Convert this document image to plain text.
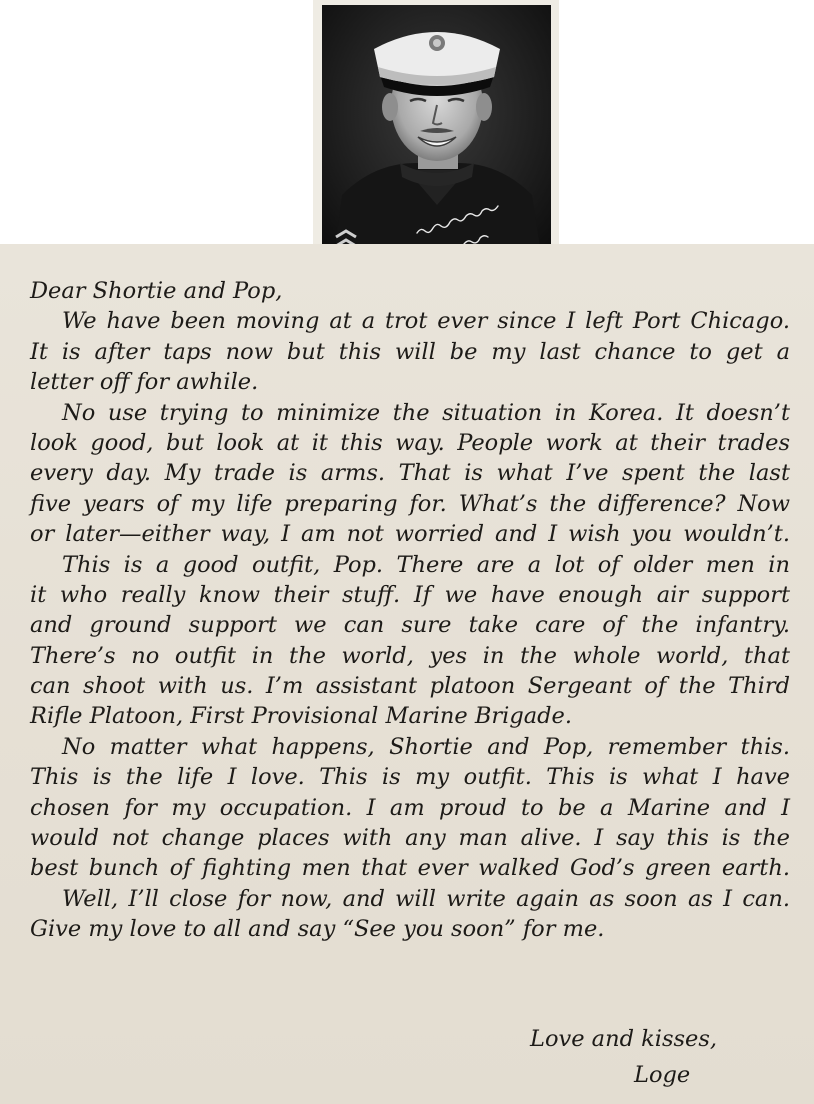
Dear Shortie and Pop,
We have been moving at a trot ever since I left Port Chicago.
It is after taps now but this will be my last chance to get a
letter off for awhile.
No use trying to minimize the situation in Korea. It doesn’t
look good, but look at it this way. People work at their trades
every day. My trade is arms. That is what I’ve spent the last
five years of my life preparing for. What’s the difference? Now
or later—either way, I am not worried and I wish you wouldn’t.
This is a good outfit, Pop. There are a lot of older men in
it who really know their stuff. If we have enough air support
and ground support we can sure take care of the infantry.
There’s no outfit in the world, yes in the whole world, that
can shoot with us. I’m assistant platoon Sergeant of the Third
Rifle Platoon, First Provisional Marine Brigade.
No matter what happens, Shortie and Pop, remember this.
This is the life I love. This is my outfit. This is what I have
chosen for my occupation. I am proud to be a Marine and I
would not change places with any man alive. I say this is the
best bunch of fighting men that ever walked God’s green earth.
Well, I’ll close for now, and will write again as soon as I can.
Give my love to all and say “See you soon” for me.
Love and kisses,
Loge
